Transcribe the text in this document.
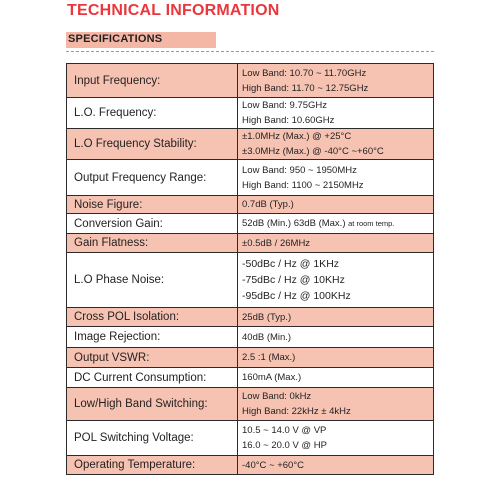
TECHNICAL INFORMATION
SPECIFICATIONS
Input Frequency:	Low Band: 10.70 ~ 11.70GHz
High Band: 11.70 ~ 12.75GHz

L.O. Frequency:	Low Band: 9.75GHz
High Band: 10.60GHz

L.O Frequency Stability:	±1.0MHz (Max.) @ +25°C
±3.0MHz (Max.) @ -40°C ~+60°C

Output Frequency Range:	Low Band: 950 ~ 1950MHz
High Band: 1100 ~ 2150MHz

Noise Figure:	0.7dB (Typ.)

Conversion Gain:	52dB (Min.) 63dB (Max.) at room temp.

Gain Flatness:	±0.5dB / 26MHz

L.O Phase Noise:	-50dBc / Hz @ 1KHz
-75dBc / Hz @ 10KHz
-95dBc / Hz @ 100KHz

Cross POL Isolation:	25dB (Typ.)

Image Rejection:	40dB (Min.)

Output VSWR:	2.5 :1 (Max.)

DC Current Consumption:	160mA (Max.)

Low/High Band Switching:	Low Band: 0kHz
High Band: 22kHz ± 4kHz

POL Switching Voltage:	10.5 ~ 14.0 V @ VP
16.0 ~ 20.0 V @ HP

Operating Temperature:	-40°C ~ +60°C
